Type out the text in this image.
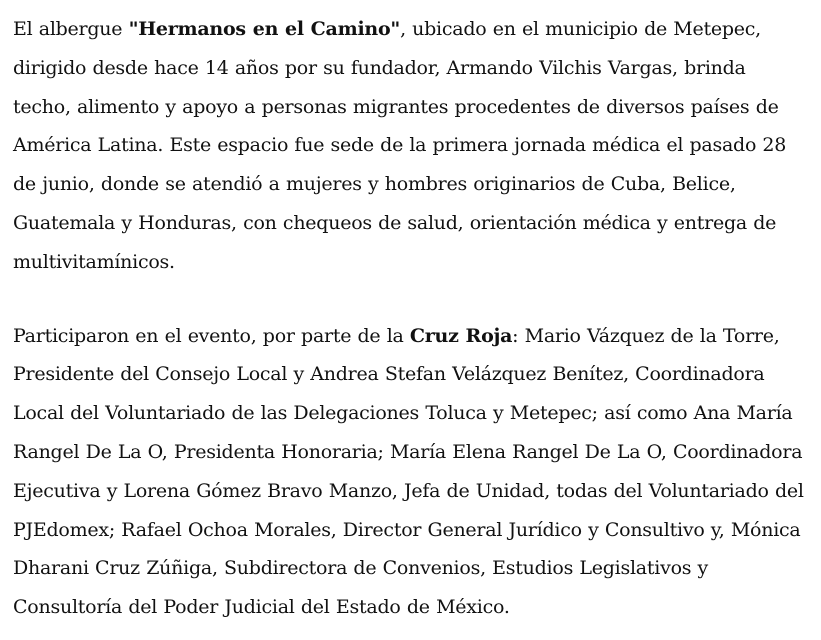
El albergue "Hermanos en el Camino", ubicado en el municipio de Metepec, dirigido desde hace 14 años por su fundador, Armando Vilchis Vargas, brinda techo, alimento y apoyo a personas migrantes procedentes de diversos países de América Latina. Este espacio fue sede de la primera jornada médica el pasado 28 de junio, donde se atendió a mujeres y hombres originarios de Cuba, Belice, Guatemala y Honduras, con chequeos de salud, orientación médica y entrega de multivitamínicos.

Participaron en el evento, por parte de la Cruz Roja: Mario Vázquez de la Torre, Presidente del Consejo Local y Andrea Stefan Velázquez Benítez, Coordinadora Local del Voluntariado de las Delegaciones Toluca y Metepec; así como Ana María Rangel De La O, Presidenta Honoraria; María Elena Rangel De La O, Coordinadora Ejecutiva y Lorena Gómez Bravo Manzo, Jefa de Unidad, todas del Voluntariado del PJEdomex; Rafael Ochoa Morales, Director General Jurídico y Consultivo y, Mónica Dharani Cruz Zúñiga, Subdirectora de Convenios, Estudios Legislativos y Consultoría del Poder Judicial del Estado de México.
